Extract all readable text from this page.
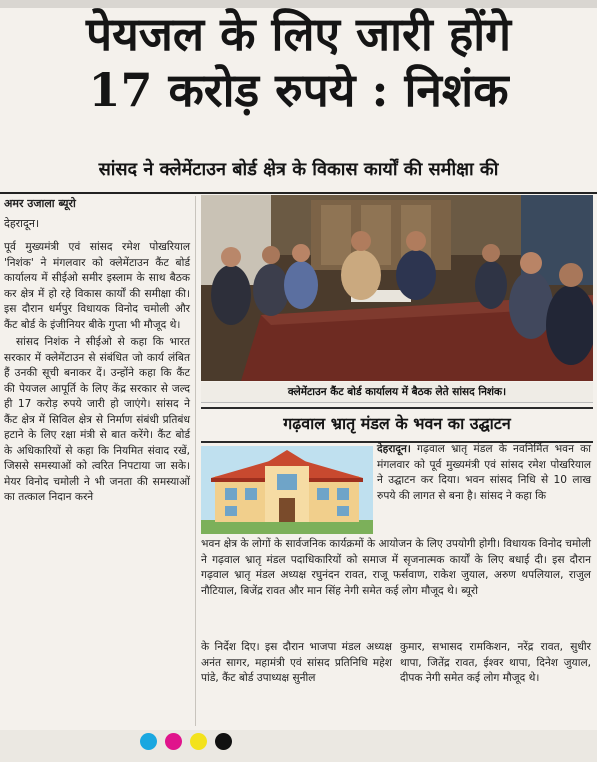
पेयजल के लिए जारी होंगे
17 करोड़ रुपये : निशंक
सांसद ने क्लेमेंटाउन बोर्ड क्षेत्र के विकास कार्यों की समीक्षा की
अमर उजाला ब्यूरो
देहरादून।

पूर्व मुख्यमंत्री एवं सांसद रमेश पोखरियाल 'निशंक' ने मंगलवार को क्लेमेंटाउन कैंट बोर्ड कार्यालय में सीईओ समीर इस्लाम के साथ बैठक कर क्षेत्र में हो रहे विकास कार्यों की समीक्षा की। इस दौरान धर्मपुर विधायक विनोद चमोली और कैंट बोर्ड के इंजीनियर बीके गुप्ता भी मौजूद थे।

सांसद निशंक ने सीईओ से कहा कि भारत सरकार में क्लेमेंटाउन से संबंधित जो कार्य लंबित हैं उनकी सूची बनाकर दें। उन्होंने कहा कि कैंट की पेयजल आपूर्ति के लिए केंद्र सरकार से जल्द ही 17 करोड़ रुपये जारी हो जाएंगे। सांसद ने कैंट क्षेत्र में सिविल क्षेत्र से निर्माण संबंधी प्रतिबंध हटाने के लिए रक्षा मंत्री से बात करेंगे। कैंट बोर्ड के अधिकारियों से कहा कि नियमित संवाद रखें, जिससे समस्याओं को त्वरित निपटाया जा सके। मेयर विनोद चमोली ने भी जनता की समस्याओं का तत्काल निदान करने

क्लेमेंटाउन कैंट बोर्ड कार्यालय में बैठक लेते सांसद निशंक।
गढ़वाल भ्रातृ मंडल के भवन का उद्घाटन
देहरादून। गढ़वाल भ्रातृ मंडल के नवनिर्मित भवन का मंगलवार को पूर्व मुख्यमंत्री एवं सांसद रमेश पोखरियाल ने उद्घाटन कर दिया। भवन सांसद निधि से 10 लाख रुपये की लागत से बना है। सांसद ने कहा कि
भवन क्षेत्र के लोगों के सार्वजनिक कार्यक्रमों के आयोजन के लिए उपयोगी होगी। विधायक विनोद चमोली ने गढ़वाल भ्रातृ मंडल पदाधिकारियों को समाज में सृजनात्मक कार्यों के लिए बधाई दी। इस दौरान गढ़वाल भ्रातृ मंडल अध्यक्ष रघुनंदन रावत, राजू फर्सवाण, राकेश जुयाल, अरुण थपलियाल, राजुल नौटियाल, बिजेंद्र रावत और मान सिंह नेगी समेत कई लोग मौजूद थे। ब्यूरो
के निर्देश दिए। इस दौरान भाजपा मंडल अध्यक्ष अनंत सागर, महामंत्री एवं सांसद प्रतिनिधि महेश पांडे, कैंट बोर्ड उपाध्यक्ष सुनील
कुमार, सभासद रामकिशन, नरेंद्र रावत, सुधीर थापा, जितेंद्र रावत, ईश्वर थापा, दिनेश जुयाल, दीपक नेगी समेत कई लोग मौजूद थे।
